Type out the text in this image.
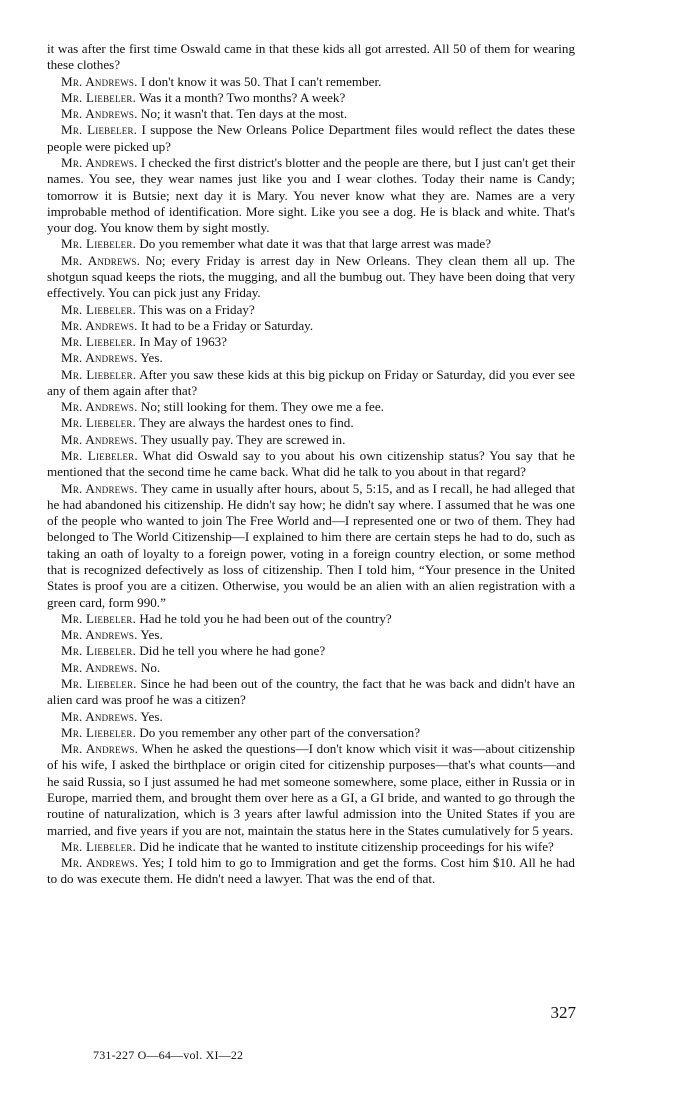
it was after the first time Oswald came in that these kids all got arrested. All 50 of them for wearing these clothes?

Mr. Andrews. I don't know it was 50. That I can't remember.

Mr. Liebeler. Was it a month? Two months? A week?

Mr. Andrews. No; it wasn't that. Ten days at the most.

Mr. Liebeler. I suppose the New Orleans Police Department files would reflect the dates these people were picked up?

Mr. Andrews. I checked the first district's blotter and the people are there, but I just can't get their names. You see, they wear names just like you and I wear clothes. Today their name is Candy; tomorrow it is Butsie; next day it is Mary. You never know what they are. Names are a very improbable method of identification. More sight. Like you see a dog. He is black and white. That's your dog. You know them by sight mostly.

Mr. Liebeler. Do you remember what date it was that that large arrest was made?

Mr. Andrews. No; every Friday is arrest day in New Orleans. They clean them all up. The shotgun squad keeps the riots, the mugging, and all the bumbug out. They have been doing that very effectively. You can pick just any Friday.

Mr. Liebeler. This was on a Friday?

Mr. Andrews. It had to be a Friday or Saturday.

Mr. Liebeler. In May of 1963?

Mr. Andrews. Yes.

Mr. Liebeler. After you saw these kids at this big pickup on Friday or Saturday, did you ever see any of them again after that?

Mr. Andrews. No; still looking for them. They owe me a fee.

Mr. Liebeler. They are always the hardest ones to find.

Mr. Andrews. They usually pay. They are screwed in.

Mr. Liebeler. What did Oswald say to you about his own citizenship status? You say that he mentioned that the second time he came back. What did he talk to you about in that regard?

Mr. Andrews. They came in usually after hours, about 5, 5:15, and as I recall, he had alleged that he had abandoned his citizenship. He didn't say how; he didn't say where. I assumed that he was one of the people who wanted to join The Free World and—I represented one or two of them. They had belonged to The World Citizenship—I explained to him there are certain steps he had to do, such as taking an oath of loyalty to a foreign power, voting in a foreign country election, or some method that is recognized defectively as loss of citizenship. Then I told him, “Your presence in the United States is proof you are a citizen. Otherwise, you would be an alien with an alien registration with a green card, form 990.”

Mr. Liebeler. Had he told you he had been out of the country?

Mr. Andrews. Yes.

Mr. Liebeler. Did he tell you where he had gone?

Mr. Andrews. No.

Mr. Liebeler. Since he had been out of the country, the fact that he was back and didn't have an alien card was proof he was a citizen?

Mr. Andrews. Yes.

Mr. Liebeler. Do you remember any other part of the conversation?

Mr. Andrews. When he asked the questions—I don't know which visit it was—about citizenship of his wife, I asked the birthplace or origin cited for citizenship purposes—that's what counts—and he said Russia, so I just assumed he had met someone somewhere, some place, either in Russia or in Europe, married them, and brought them over here as a GI, a GI bride, and wanted to go through the routine of naturalization, which is 3 years after lawful admission into the United States if you are married, and five years if you are not, maintain the status here in the States cumulatively for 5 years.

Mr. Liebeler. Did he indicate that he wanted to institute citizenship proceedings for his wife?

Mr. Andrews. Yes; I told him to go to Immigration and get the forms. Cost him $10. All he had to do was execute them. He didn't need a lawyer. That was the end of that.

327
731-227 O—64—vol. XI—22
